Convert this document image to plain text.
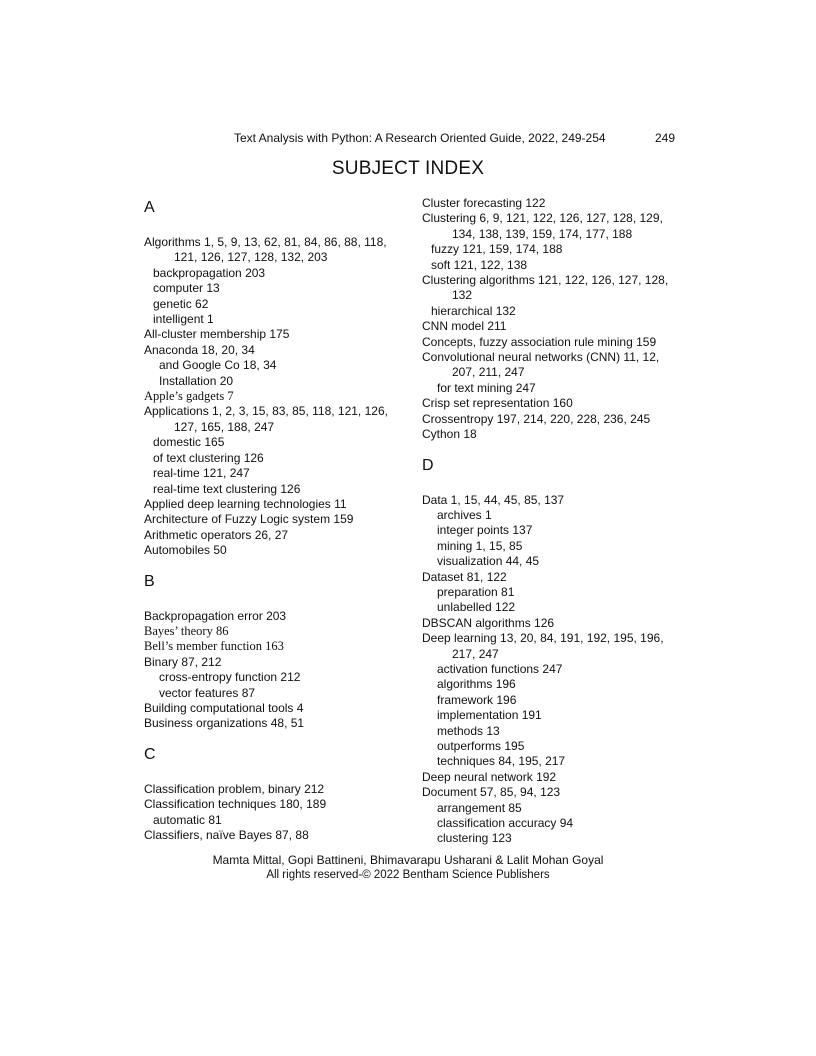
Text Analysis with Python: A Research Oriented Guide, 2022, 249-254	249
SUBJECT INDEX
A
Algorithms 1, 5, 9, 13, 62, 81, 84, 86, 88, 118,
121, 126, 127, 128, 132, 203
backpropagation 203
computer 13
genetic 62
intelligent 1
All-cluster membership 175
Anaconda 18, 20, 34
and Google Co 18, 34
Installation 20
Apple’s gadgets 7
Applications 1, 2, 3, 15, 83, 85, 118, 121, 126,
127, 165, 188, 247
domestic 165
of text clustering 126
real-time 121, 247
real-time text clustering 126
Applied deep learning technologies 11
Architecture of Fuzzy Logic system 159
Arithmetic operators 26, 27
Automobiles 50
B
Backpropagation error 203
Bayes’ theory 86
Bell’s member function 163
Binary 87, 212
cross-entropy function 212
vector features 87
Building computational tools 4
Business organizations 48, 51
C
Classification problem, binary 212
Classification techniques 180, 189
automatic 81
Classifiers, naïve Bayes 87, 88
Cluster forecasting 122
Clustering 6, 9, 121, 122, 126, 127, 128, 129,
134, 138, 139, 159, 174, 177, 188
fuzzy 121, 159, 174, 188
soft 121, 122, 138
Clustering algorithms 121, 122, 126, 127, 128,
132
hierarchical 132
CNN model 211
Concepts, fuzzy association rule mining 159
Convolutional neural networks (CNN) 11, 12,
207, 211, 247
for text mining 247
Crisp set representation 160
Crossentropy 197, 214, 220, 228, 236, 245
Cython 18
D
Data 1, 15, 44, 45, 85, 137
archives 1
integer points 137
mining 1, 15, 85
visualization 44, 45
Dataset 81, 122
preparation 81
unlabelled 122
DBSCAN algorithms 126
Deep learning 13, 20, 84, 191, 192, 195, 196,
217, 247
activation functions 247
algorithms 196
framework 196
implementation 191
methods 13
outperforms 195
techniques 84, 195, 217
Deep neural network 192
Document 57, 85, 94, 123
arrangement 85
classification accuracy 94
clustering 123
Mamta Mittal, Gopi Battineni, Bhimavarapu Usharani & Lalit Mohan Goyal
All rights reserved-© 2022 Bentham Science Publishers
